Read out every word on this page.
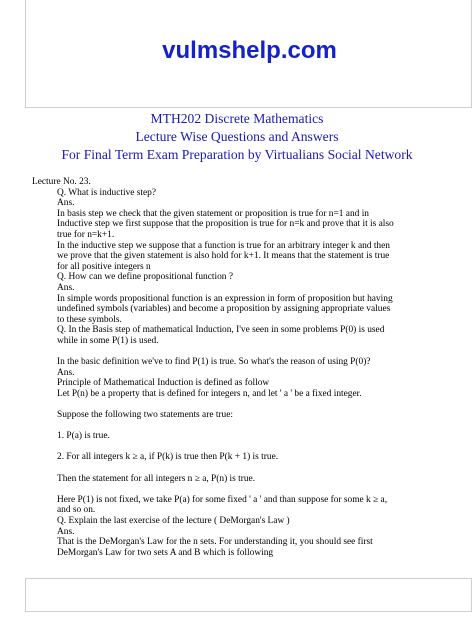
vulmshelp.com
MTH202 Discrete Mathematics
Lecture Wise Questions and Answers
For Final Term Exam Preparation by Virtualians Social Network
Lecture No. 23.
Q. What is inductive step?
Ans.
In basis step we check that the given statement or proposition is true for n=1 and in
Inductive step we first suppose that the proposition is true for n=k and prove that it is also
true for n=k+1.
In the inductive step we suppose that a function is true for an arbitrary integer k and then
we prove that the given statement is also hold for k+1. It means that the statement is true
for all positive integers n
Q. How can we define propositional function ?
Ans.
In simple words propositional function is an expression in form of proposition but having
undefined symbols (variables) and become a proposition by assigning appropriate values
to these symbols.
Q. In the Basis step of mathematical Induction, I've seen in some problems P(0) is used
while in some P(1) is used.
In the basic definition we've to find P(1) is true. So what's the reason of using P(0)?
Ans.
Principle of Mathematical Induction is defined as follow
Let P(n) be a property that is defined for integers n, and let ' a ' be a fixed integer.
Suppose the following two statements are true:
1. P(a) is true.
2. For all integers k ≥ a, if P(k) is true then P(k + 1) is true.
Then the statement for all integers n ≥ a, P(n) is true.
Here P(1) is not fixed, we take P(a) for some fixed ' a ' and than suppose for some k ≥ a,
and so on.
Q. Explain the last exercise of the lecture ( DeMorgan's Law )
Ans.
That is the DeMorgan's Law for the n sets. For understanding it, you should see first
DeMorgan's Law for two sets A and B which is following
